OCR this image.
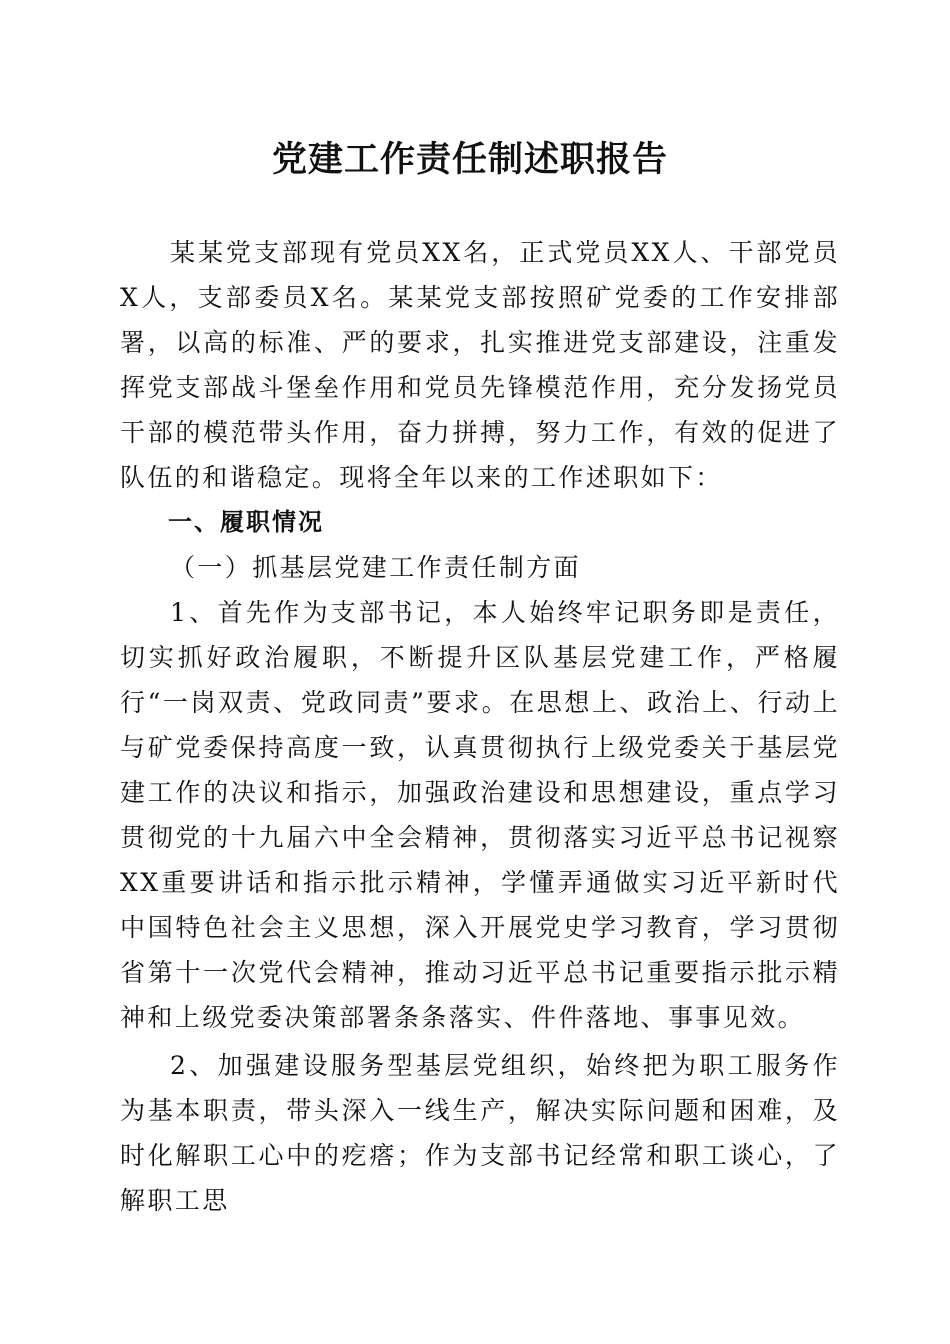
党建工作责任制述职报告

某某党支部现有党员XX名，正式党员XX人、干部党员X人，支部委员X名。某某党支部按照矿党委的工作安排部署，以高的标准、严的要求，扎实推进党支部建设，注重发挥党支部战斗堡垒作用和党员先锋模范作用，充分发扬党员干部的模范带头作用，奋力拼搏，努力工作，有效的促进了队伍的和谐稳定。现将全年以来的工作述职如下：

一、履职情况

（一）抓基层党建工作责任制方面

1、首先作为支部书记，本人始终牢记职务即是责任，切实抓好政治履职，不断提升区队基层党建工作，严格履行“一岗双责、党政同责”要求。在思想上、政治上、行动上与矿党委保持高度一致，认真贯彻执行上级党委关于基层党建工作的决议和指示，加强政治建设和思想建设，重点学习贯彻党的十九届六中全会精神，贯彻落实习近平总书记视察XX重要讲话和指示批示精神，学懂弄通做实习近平新时代中国特色社会主义思想，深入开展党史学习教育，学习贯彻省第十一次党代会精神，推动习近平总书记重要指示批示精神和上级党委决策部署条条落实、件件落地、事事见效。

2、加强建设服务型基层党组织，始终把为职工服务作为基本职责，带头深入一线生产，解决实际问题和困难，及时化解职工心中的疙瘩；作为支部书记经常和职工谈心，了解职工思
